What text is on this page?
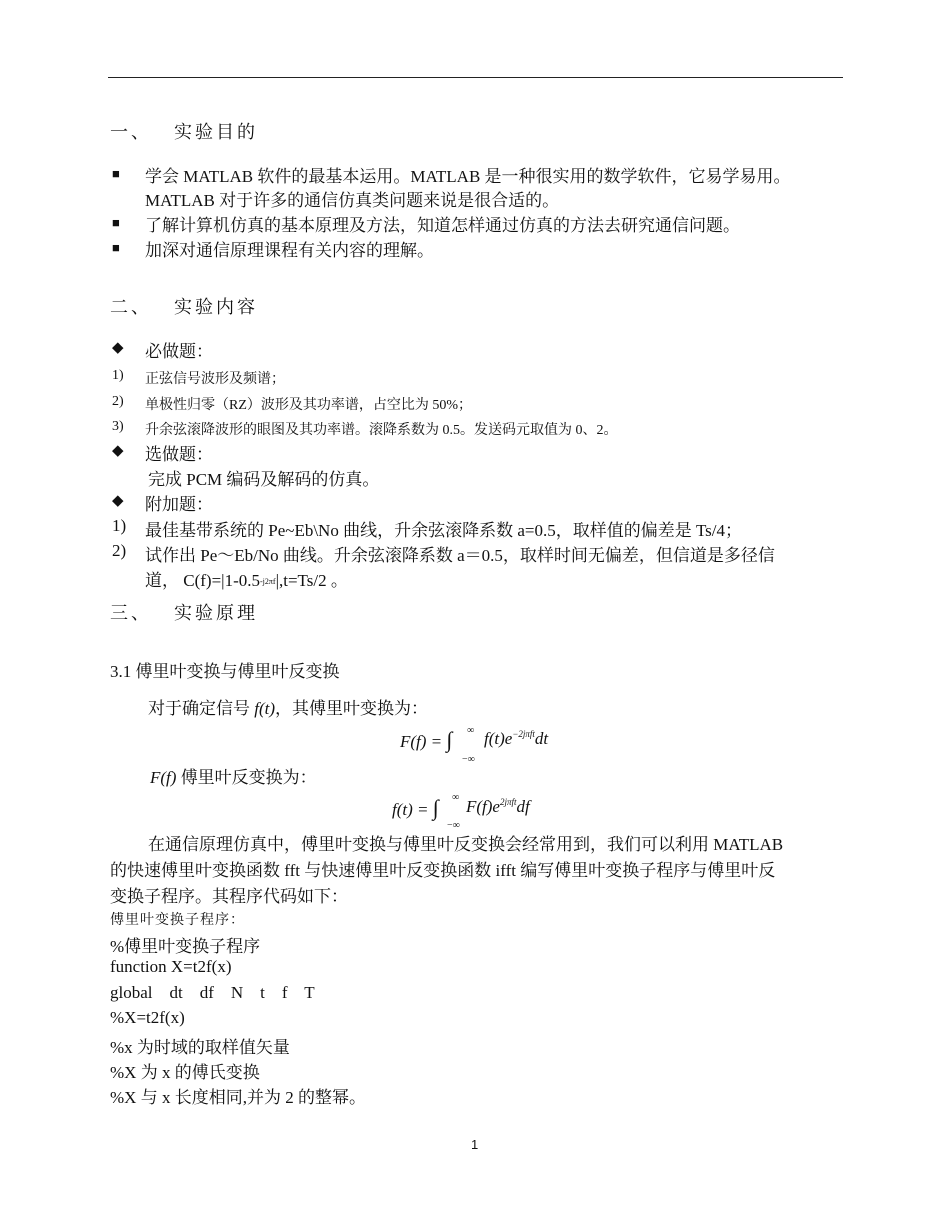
一、 实验目的
■ 学会 MATLAB 软件的最基本运用。MATLAB 是一种很实用的数学软件，它易学易用。
MATLAB 对于许多的通信仿真类问题来说是很合适的。
■ 了解计算机仿真的基本原理及方法，知道怎样通过仿真的方法去研究通信问题。
■ 加深对通信原理课程有关内容的理解。
二、 实验内容
◆ 必做题：
1) 正弦信号波形及频谱；
2) 单极性归零（RZ）波形及其功率谱，占空比为 50%；
3) 升余弦滚降波形的眼图及其功率谱。滚降系数为 0.5。发送码元取值为 0、2。
◆ 选做题：
完成 PCM 编码及解码的仿真。
◆ 附加题：
1) 最佳基带系统的 Pe~Eb\No 曲线，升余弦滚降系数 a=0.5，取样值的偏差是 Ts/4；
2) 试作出 Pe～Eb/No 曲线。升余弦滚降系数 a＝0.5，取样时间无偏差，但信道是多径信
道， C(f)=|1-0.5-j2πf|,t=Ts/2 。
三、 实验原理
3.1 傅里叶变换与傅里叶反变换
对于确定信号 f(t)，其傅里叶变换为：
F(f) = ∫ ∞
−∞
$f(t)e^{-2j\pi ft}dt$
F(f) 傅里叶反变换为：
f(t) = ∫ ∞
−∞
$F(f)e^{2j\pi ft}df$
在通信原理仿真中，傅里叶变换与傅里叶反变换会经常用到，我们可以利用 MATLAB
的快速傅里叶变换函数 fft 与快速傅里叶反变换函数 ifft 编写傅里叶变换子程序与傅里叶反
变换子程序。其程序代码如下：
傅里叶变换子程序：
%傅里叶变换子程序
function X=t2f(x)
global    dt    df    N    t    f    T
%X=t2f(x)
%x 为时域的取样值矢量
%X 为 x 的傅氏变换
%X 与 x 长度相同,并为 2 的整幂。
1
